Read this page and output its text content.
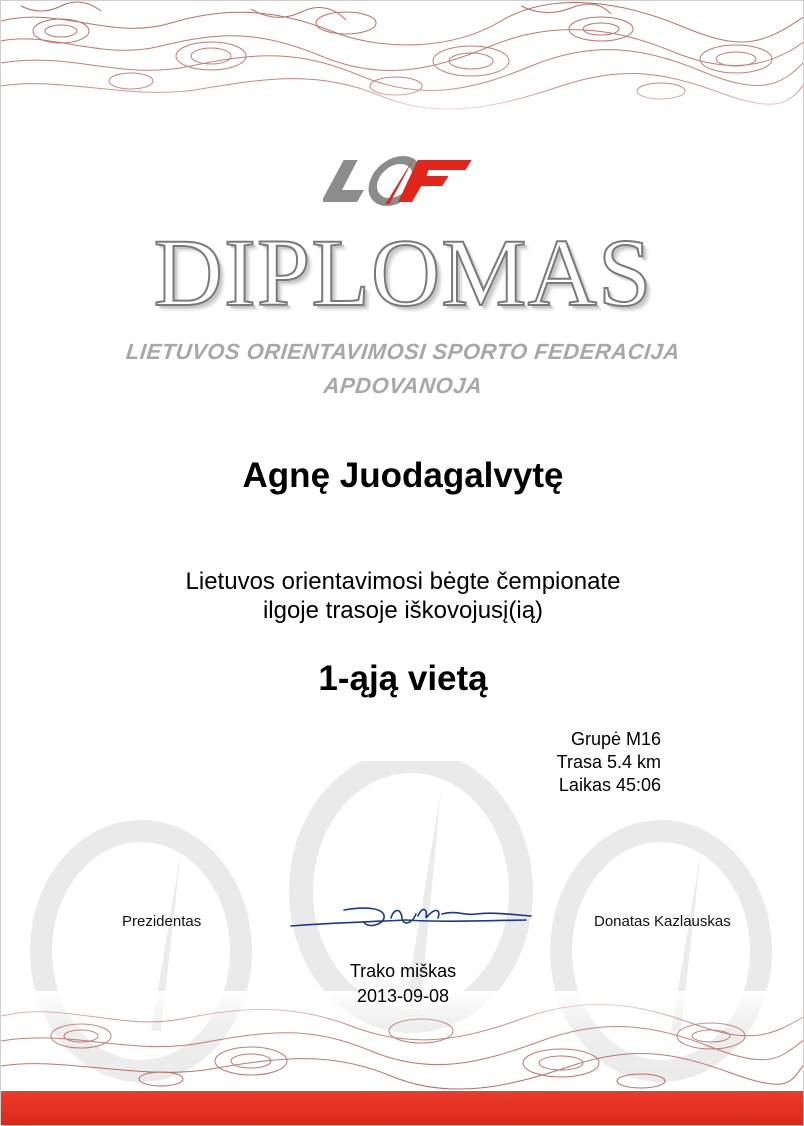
LOSF
DIPLOMAS
LIETUVOS ORIENTAVIMOSI SPORTO FEDERACIJA
APDOVANOJA
Agnę Juodagalvytę
Lietuvos orientavimosi bėgte čempionate
ilgoje trasoje iškovojusį(ią)
1-ąją vietą
Grupė M16
Trasa 5.4 km
Laikas 45:06
Prezidentas	Donatas Kazlauskas
Trako miškas
2013-09-08
